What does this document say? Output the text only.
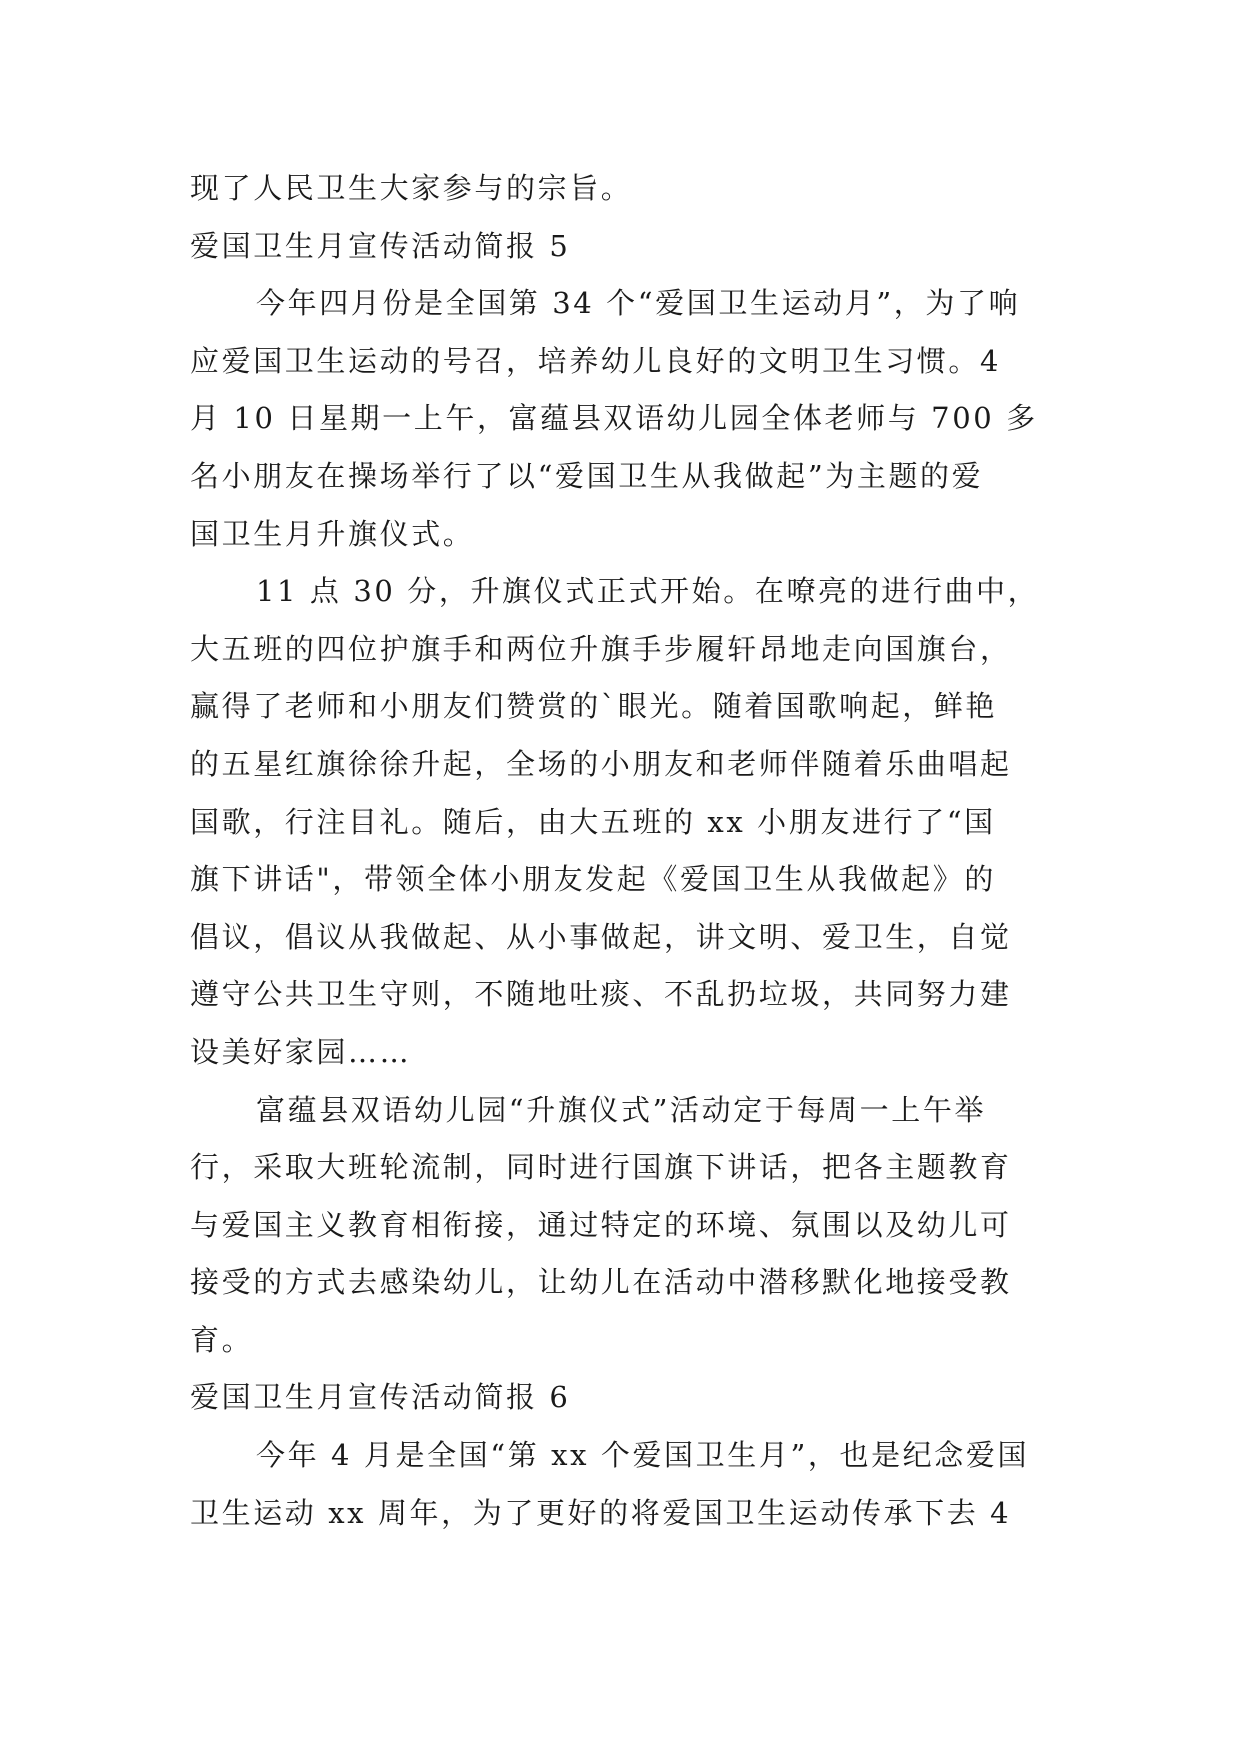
现了人民卫生大家参与的宗旨。
爱国卫生月宣传活动简报 5
今年四月份是全国第 34 个“爱国卫生运动月”，为了响
应爱国卫生运动的号召，培养幼儿良好的文明卫生习惯。4
月 10 日星期一上午，富蕴县双语幼儿园全体老师与 700 多
名小朋友在操场举行了以“爱国卫生从我做起”为主题的爱
国卫生月升旗仪式。
11 点 30 分，升旗仪式正式开始。在嘹亮的进行曲中，
大五班的四位护旗手和两位升旗手步履轩昂地走向国旗台，
赢得了老师和小朋友们赞赏的`眼光。随着国歌响起，鲜艳
的五星红旗徐徐升起，全场的小朋友和老师伴随着乐曲唱起
国歌，行注目礼。随后，由大五班的 xx 小朋友进行了“国
旗下讲话"，带领全体小朋友发起《爱国卫生从我做起》的
倡议，倡议从我做起、从小事做起，讲文明、爱卫生，自觉
遵守公共卫生守则，不随地吐痰、不乱扔垃圾，共同努力建
设美好家园……
富蕴县双语幼儿园“升旗仪式”活动定于每周一上午举
行，采取大班轮流制，同时进行国旗下讲话，把各主题教育
与爱国主义教育相衔接，通过特定的环境、氛围以及幼儿可
接受的方式去感染幼儿，让幼儿在活动中潜移默化地接受教
育。
爱国卫生月宣传活动简报 6
今年 4 月是全国“第 xx 个爱国卫生月”，也是纪念爱国
卫生运动 xx 周年，为了更好的将爱国卫生运动传承下去 4
